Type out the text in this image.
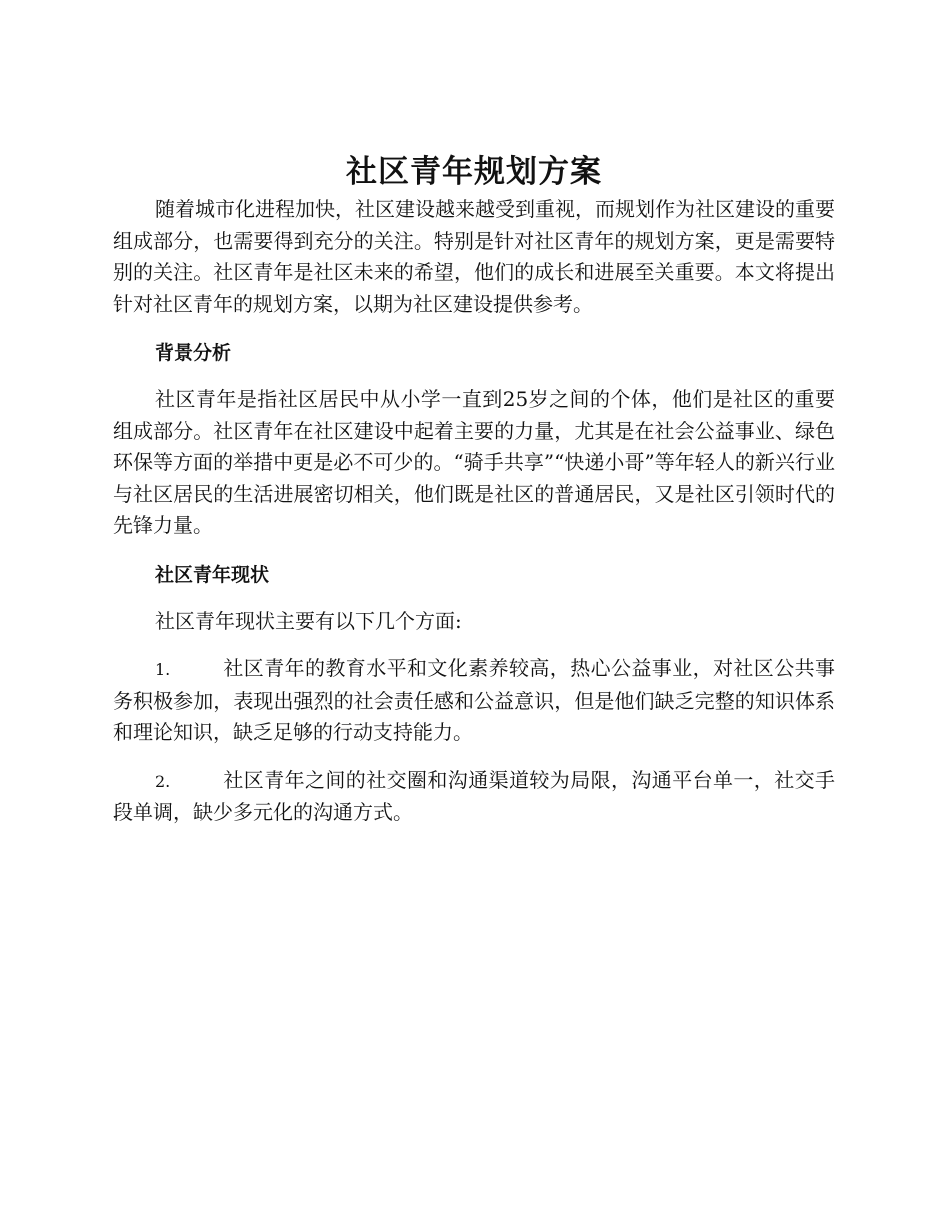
社区青年规划方案

随着城市化进程加快，社区建设越来越受到重视，而规划作为社区建设的重要组成部分，也需要得到充分的关注。特别是针对社区青年的规划方案，更是需要特别的关注。社区青年是社区未来的希望，他们的成长和进展至关重要。本文将提出针对社区青年的规划方案，以期为社区建设提供参考。

背景分析

社区青年是指社区居民中从小学一直到25岁之间的个体，他们是社区的重要组成部分。社区青年在社区建设中起着主要的力量，尤其是在社会公益事业、绿色环保等方面的举措中更是必不可少的。“骑手共享”“快递小哥”等年轻人的新兴行业与社区居民的生活进展密切相关，他们既是社区的普通居民，又是社区引领时代的先锋力量。

社区青年现状

社区青年现状主要有以下几个方面:

1.	社区青年的教育水平和文化素养较高，热心公益事业，对社区公共事务积极参加，表现出强烈的社会责任感和公益意识，但是他们缺乏完整的知识体系和理论知识，缺乏足够的行动支持能力。

2.	社区青年之间的社交圈和沟通渠道较为局限，沟通平台单一，社交手段单调，缺少多元化的沟通方式。
